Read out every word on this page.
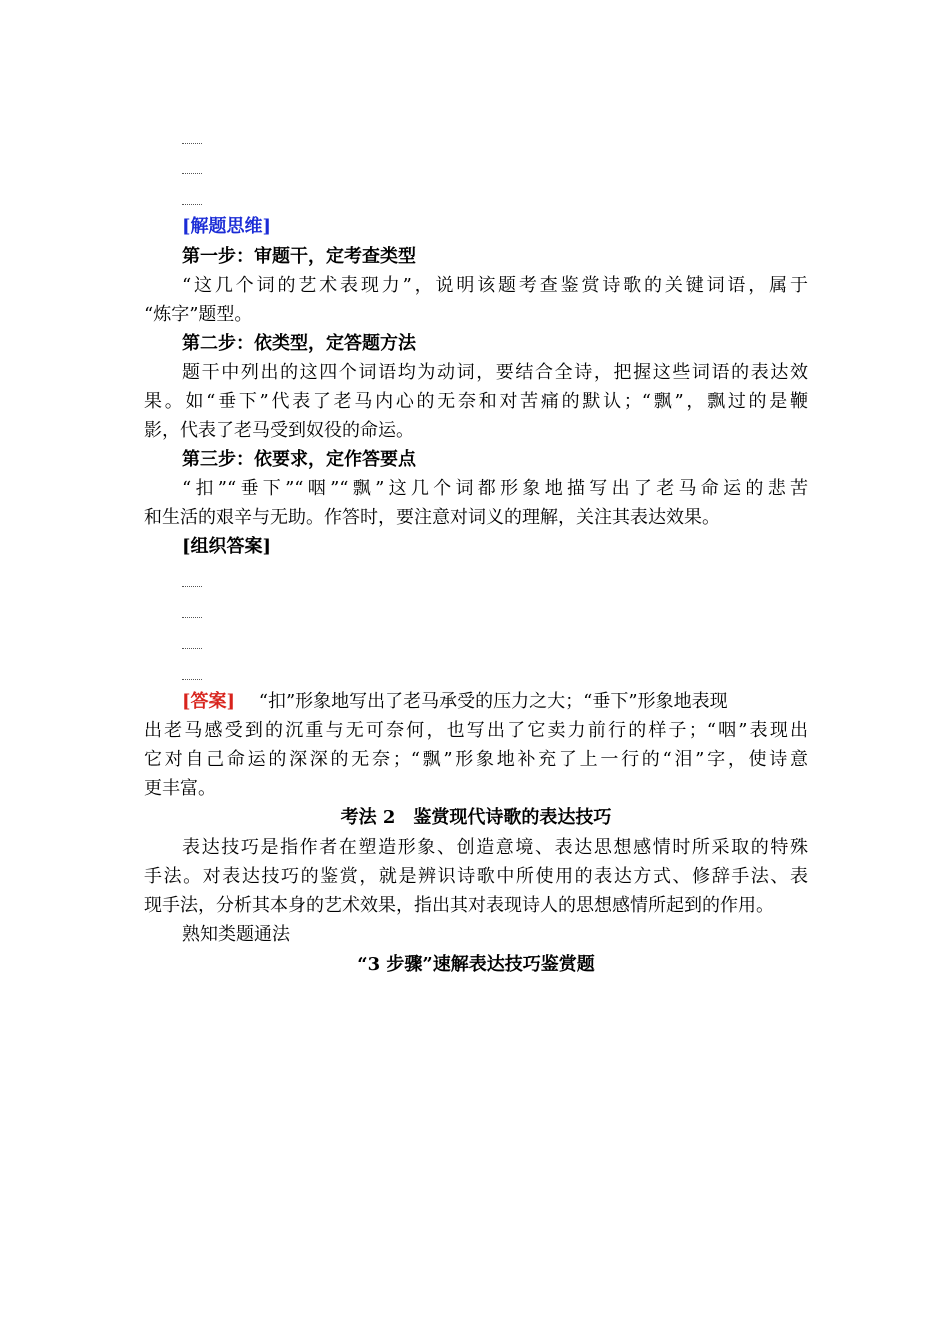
[解题思维]
第一步：审题干，定考查类型
“这几个词的艺术表现力”，说明该题考查鉴赏诗歌的关键词语，属于
“炼字”题型。
第二步：依类型，定答题方法
题干中列出的这四个词语均为动词，要结合全诗，把握这些词语的表达效
果。如“垂下”代表了老马内心的无奈和对苦痛的默认；“飘”，飘过的是鞭
影，代表了老马受到奴役的命运。
第三步：依要求，定作答要点
“扣”“垂下”“咽”“飘”这几个词都形象地描写出了老马命运的悲苦
和生活的艰辛与无助。作答时，要注意对词义的理解，关注其表达效果。
[组织答案]
[答案] “扣”形象地写出了老马承受的压力之大；“垂下”形象地表现
出老马感受到的沉重与无可奈何，也写出了它卖力前行的样子；“咽”表现出
它对自己命运的深深的无奈；“飘”形象地补充了上一行的“泪”字，使诗意
更丰富。
考法 2　鉴赏现代诗歌的表达技巧
表达技巧是指作者在塑造形象、创造意境、表达思想感情时所采取的特殊
手法。对表达技巧的鉴赏，就是辨识诗歌中所使用的表达方式、修辞手法、表
现手法，分析其本身的艺术效果，指出其对表现诗人的思想感情所起到的作用。
熟知类题通法
“3 步骤”速解表达技巧鉴赏题
